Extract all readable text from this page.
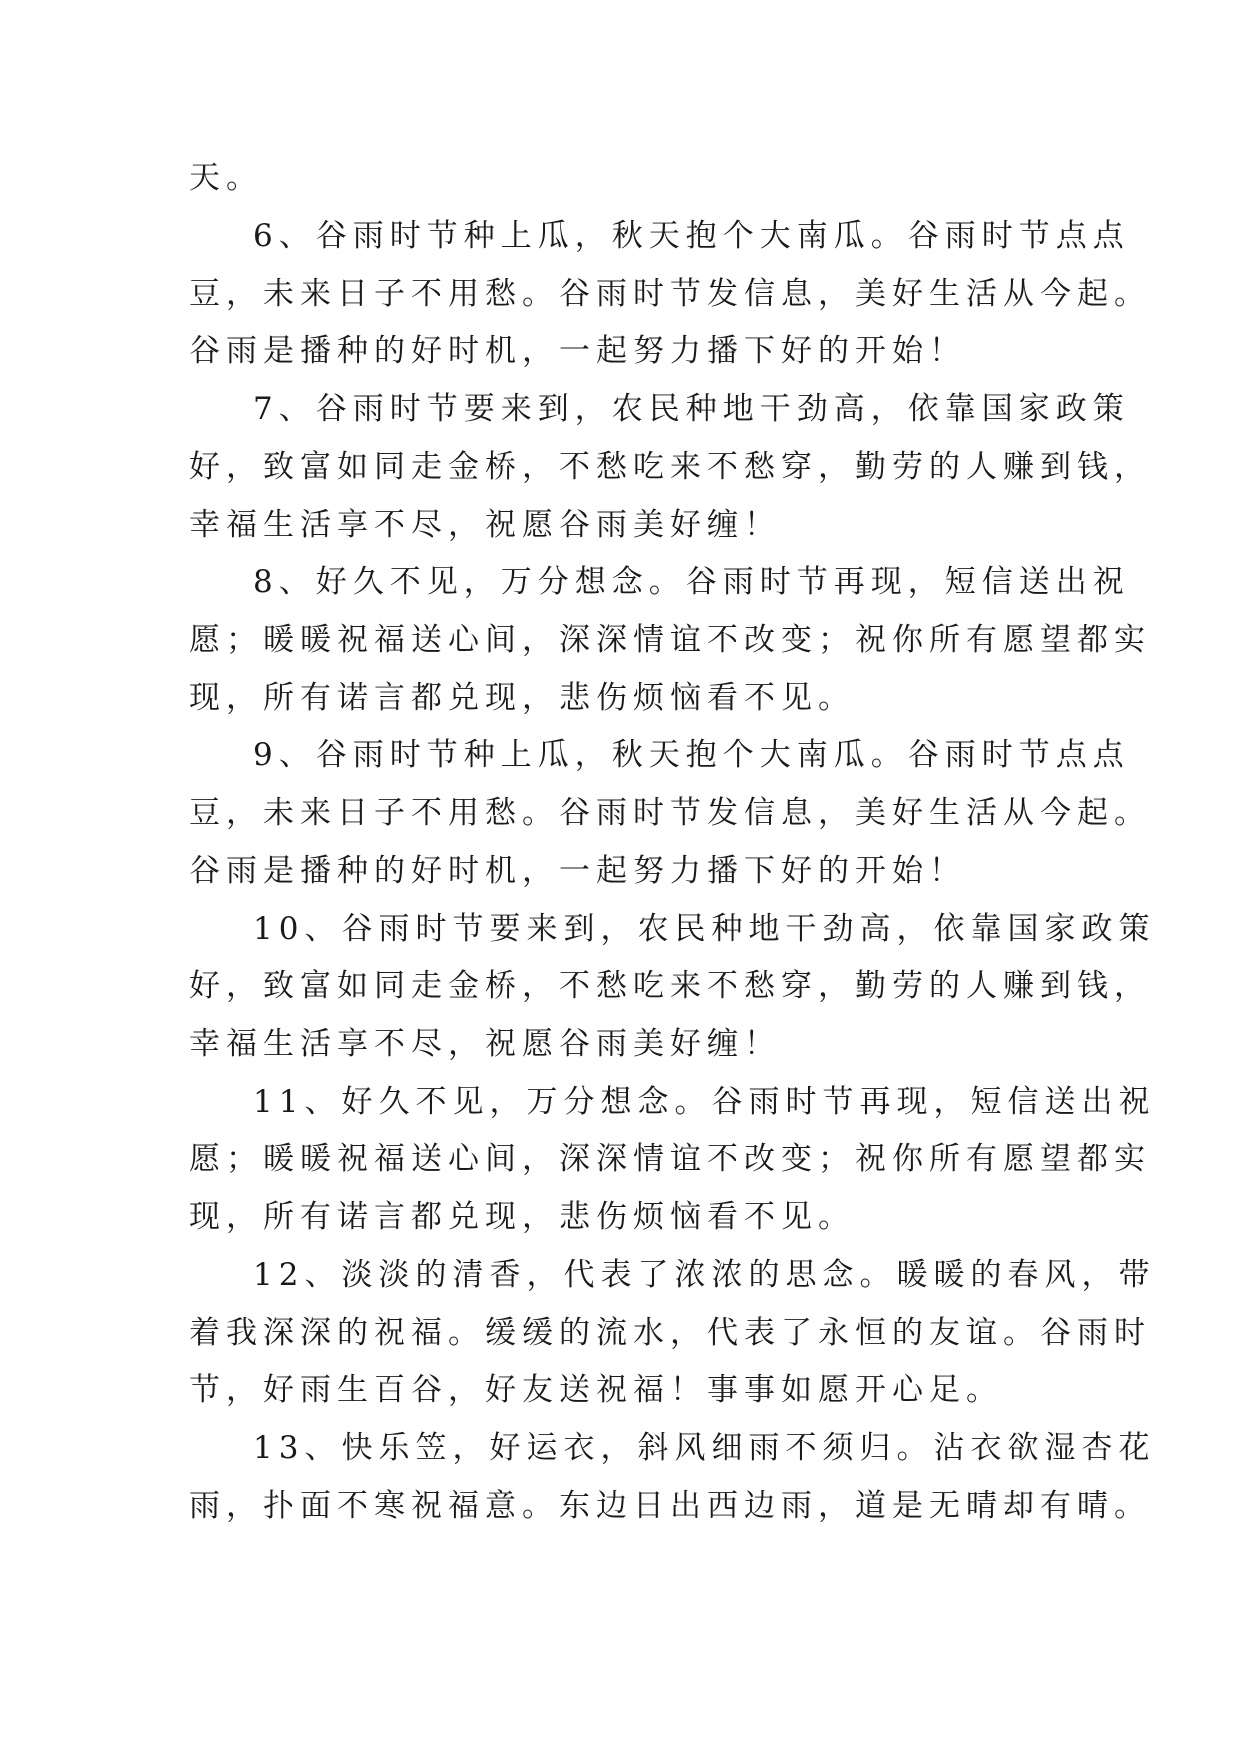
天。
6、谷雨时节种上瓜，秋天抱个大南瓜。谷雨时节点点
豆，未来日子不用愁。谷雨时节发信息，美好生活从今起。
谷雨是播种的好时机，一起努力播下好的开始！
7、谷雨时节要来到，农民种地干劲高，依靠国家政策
好，致富如同走金桥，不愁吃来不愁穿，勤劳的人赚到钱，
幸福生活享不尽，祝愿谷雨美好缠！
8、好久不见，万分想念。谷雨时节再现，短信送出祝
愿；暖暖祝福送心间，深深情谊不改变；祝你所有愿望都实
现，所有诺言都兑现，悲伤烦恼看不见。
9、谷雨时节种上瓜，秋天抱个大南瓜。谷雨时节点点
豆，未来日子不用愁。谷雨时节发信息，美好生活从今起。
谷雨是播种的好时机，一起努力播下好的开始！
10、谷雨时节要来到，农民种地干劲高，依靠国家政策
好，致富如同走金桥，不愁吃来不愁穿，勤劳的人赚到钱，
幸福生活享不尽，祝愿谷雨美好缠！
11、好久不见，万分想念。谷雨时节再现，短信送出祝
愿；暖暖祝福送心间，深深情谊不改变；祝你所有愿望都实
现，所有诺言都兑现，悲伤烦恼看不见。
12、淡淡的清香，代表了浓浓的思念。暖暖的春风，带
着我深深的祝福。缓缓的流水，代表了永恒的友谊。谷雨时
节，好雨生百谷，好友送祝福！事事如愿开心足。
13、快乐笠，好运衣，斜风细雨不须归。沾衣欲湿杏花
雨，扑面不寒祝福意。东边日出西边雨，道是无晴却有晴。
